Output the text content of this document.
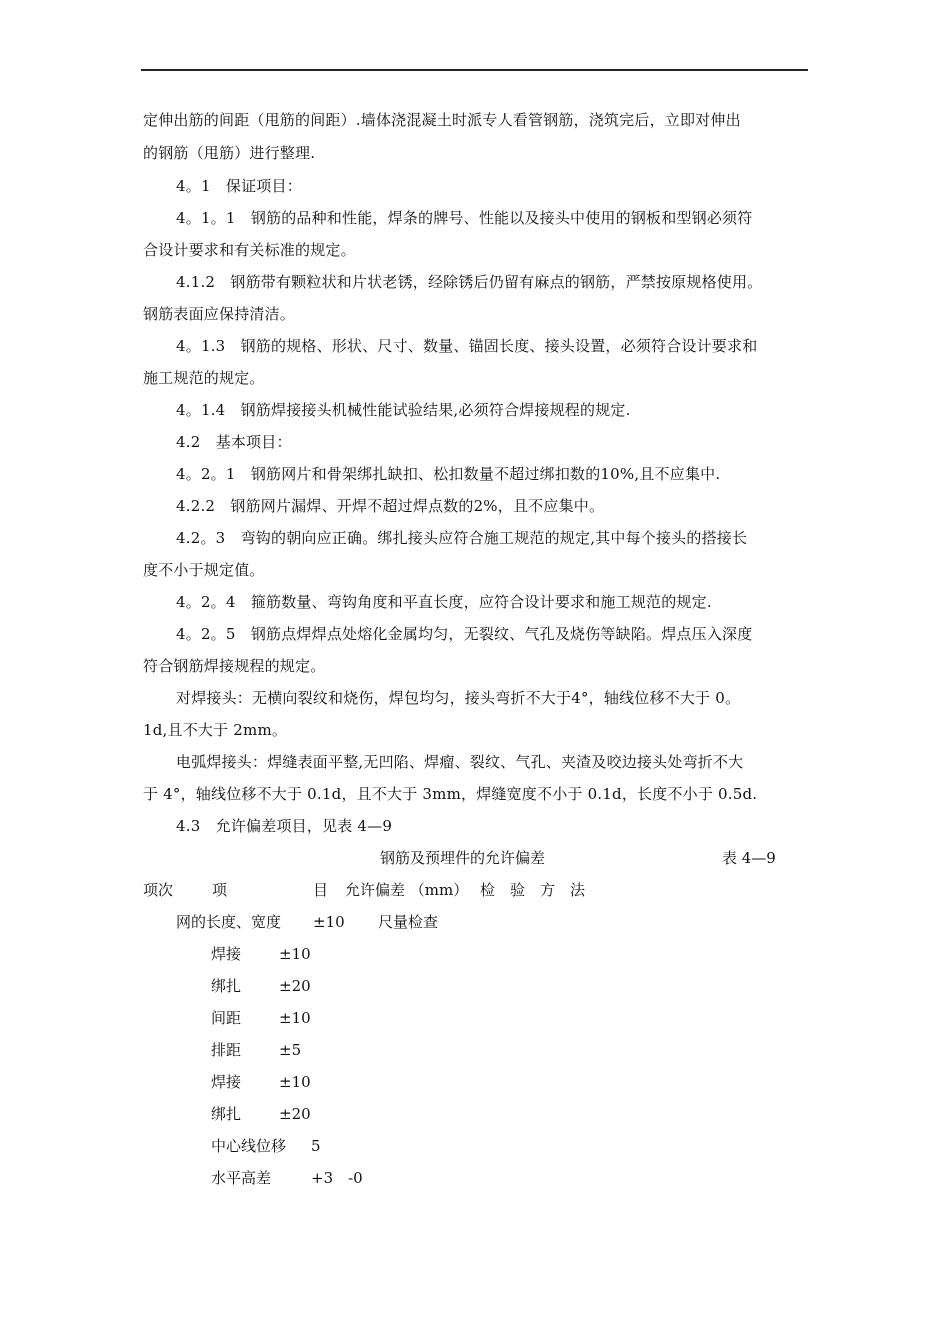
定伸出筋的间距（甩筋的间距）.墙体浇混凝土时派专人看管钢筋，浇筑完后，立即对伸出
的钢筋（甩筋）进行整理.
4。1　保证项目：
4。1。1　钢筋的品种和性能，焊条的牌号、性能以及接头中使用的钢板和型钢必须符
合设计要求和有关标准的规定。
4.1.2　钢筋带有颗粒状和片状老锈，经除锈后仍留有麻点的钢筋，严禁按原规格使用。
钢筋表面应保持清洁。
4。1.3　钢筋的规格、形状、尺寸、数量、锚固长度、接头设置，必须符合设计要求和
施工规范的规定。
4。1.4　钢筋焊接接头机械性能试验结果,必须符合焊接规程的规定.
4.2　基本项目：
4。2。1　钢筋网片和骨架绑扎缺扣、松扣数量不超过绑扣数的10%,且不应集中.
4.2.2　钢筋网片漏焊、开焊不超过焊点数的2%，且不应集中。
4.2。3　弯钩的朝向应正确。绑扎接头应符合施工规范的规定,其中每个接头的搭接长
度不小于规定值。
4。2。4　箍筋数量、弯钩角度和平直长度，应符合设计要求和施工规范的规定.
4。2。5　钢筋点焊焊点处熔化金属均匀，无裂纹、气孔及烧伤等缺陷。焊点压入深度
符合钢筋焊接规程的规定。
对焊接头：无横向裂纹和烧伤，焊包均匀，接头弯折不大于4°，轴线位移不大于 0。
1d,且不大于 2mm。
电弧焊接头：焊缝表面平整,无凹陷、焊瘤、裂纹、气孔、夹渣及咬边接头处弯折不大
于 4°，轴线位移不大于 0.1d，且不大于 3mm，焊缝宽度不小于 0.1d，长度不小于 0.5d.
4.3　允许偏差项目，见表 4—9
钢筋及预埋件的允许偏差	表 4—9
项次	项	目 允许偏差 （mm） 检　验　方　法
网的长度、宽度 ±10 尺量检查
焊接	±10
绑扎	±20
间距	±10
排距	±5
焊接	±10
绑扎	±20
中心线位移 5
水平高差	+3　-0
